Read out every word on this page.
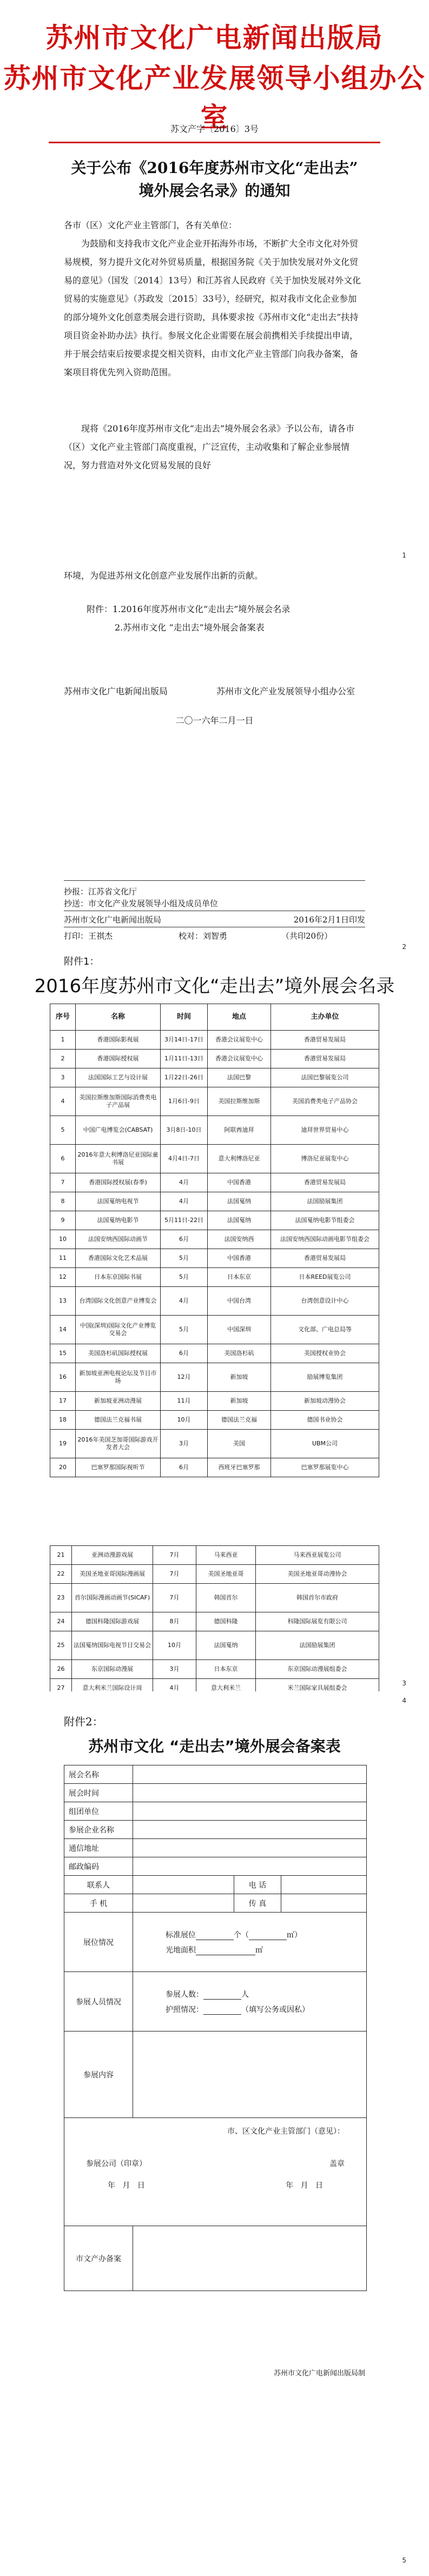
苏州市文化广电新闻出版局
苏州市文化产业发展领导小组办公室
苏文产字〔2016〕3号
关于公布《2016年度苏州市文化“走出去”
境外展会名录》的通知
各市（区）文化产业主管部门，各有关单位：
为鼓励和支持我市文化产业企业开拓海外市场，不断扩大全市文化对外贸易规模，努力提升文化对外贸易质量，根据国务院《关于加快发展对外文化贸易的意见》（国发〔2014〕13号）和江苏省人民政府《关于加快发展对外文化贸易的实施意见》（苏政发〔2015〕33号），经研究，拟对我市文化企业参加的部分境外文化创意类展会进行资助，具体要求按《苏州市文化“走出去”扶持项目资金补助办法》执行。参展文化企业需要在展会前携相关手续提出申请，并于展会结束后按要求提交相关资料，由市文化产业主管部门向我办备案，备案项目将优先列入资助范围。
现将《2016年度苏州市文化“走出去”境外展会名录》予以公布，请各市（区）文化产业主管部门高度重视，广泛宣传，主动收集和了解企业参展情况，努力营造对外文化贸易发展的良好
1
环境，为促进苏州文化创意产业发展作出新的贡献。
附件：1.2016年度苏州市文化“走出去”境外展会名录
2.苏州市文化 “走出去”境外展会备案表
苏州市文化广电新闻出版局	苏州市文化产业发展领导小组办公室
二〇一六年二月一日
抄报：江苏省文化厅
抄送：市文化产业发展领导小组及成员单位
苏州市文化广电新闻出版局	2016年2月1日印发
打印：王祺杰	校对：刘智勇	（共印20份）
2
附件1：
2016年度苏州市文化“走出去”境外展会名录
序号	名称	时间	地点	主办单位
1	香港国际影视展	3月14日-17日	香港会议展览中心	香港贸易发展局
2	香港国际授权展	1月11日-13日	香港会议展览中心	香港贸易发展局
3	法国国际工艺与设计展	1月22日-26日	法国巴黎	法国巴黎展览公司
4	美国拉斯维加斯国际消费类电子产品展	1月6日-9日	美国拉斯维加斯	美国消费类电子产品协会
5	中国广电博览会(CABSAT)	3月8日-10日	阿联酋迪拜	迪拜世界贸易中心
6	2016年意大利博洛尼亚国际童书展	4月4日-7日	意大利博洛尼亚	博洛尼亚展览中心
7	香港国际授权展(春季)	4月	中国香港	香港贸易发展局
8	法国戛纳电视节	4月	法国戛纳	法国励展集团
9	法国戛纳电影节	5月11日-22日	法国戛纳	法国戛纳电影节组委会
10	法国安纳西国际动画节	6月	法国安纳西	法国安纳西国际动画电影节组委会
11	香港国际文化艺术品展	5月	中国香港	香港贸易发展局
12	日本东京国际书展	5月	日本东京	日本REED展览公司
13	台湾国际文化创意产业博览会	4月	中国台湾	台湾创意设计中心
14	中国(深圳)国际文化产业博览交易会	5月	中国深圳	文化部、广电总局等
15	美国洛杉矶国际授权展	6月	美国洛杉矶	美国授权业协会
16	新加坡亚洲电视论坛及节目市场	12月	新加坡	励展博览集团
17	新加坡亚洲动漫展	11月	新加坡	新加坡动漫协会
18	德国法兰克福书展	10月	德国法兰克福	德国书业协会
19	2016年美国芝加哥国际游戏开发者大会	3月	美国	UBM公司
20	巴塞罗那国际视听节	6月	西班牙巴塞罗那	巴塞罗那展览中心
21	亚洲动漫游戏展	7月	马来西亚	马来西亚展览公司
22	美国圣地亚哥国际漫画展	7月	美国圣地亚哥	美国圣地亚哥动漫协会
23	首尔国际漫画动画节(SICAF)	7月	韩国首尔	韩国首尔市政府
24	德国科隆国际游戏展	8月	德国科隆	科隆国际展览有限公司
25	法国戛纳国际电视节目交易会	10月	法国戛纳	法国励展集团
26	东京国际动漫展	3月	日本东京	东京国际动漫展组委会
27	意大利米兰国际设计周	4月	意大利米兰	米兰国际家具展组委会

3
4
附件2：
苏州市文化 “走出去”境外展会备案表
展会名称			
展会时间			
组团单位			
参展企业名称			
通信地址			
邮政编码			
联系人		电 话	
手 机		传 真	
展位情况	标准展位 个（ ㎡）
光地面积 ㎡		

参展人员情况	参展人数： 人
护照情况： （填写公务或因私）		

参展内容			

市、区文化产业主管部门（意见）：
参展公司（印章） 盖章
年 月 日 年 月 日			

市文产办备案			
苏州市文化广电新闻出版局制
5
